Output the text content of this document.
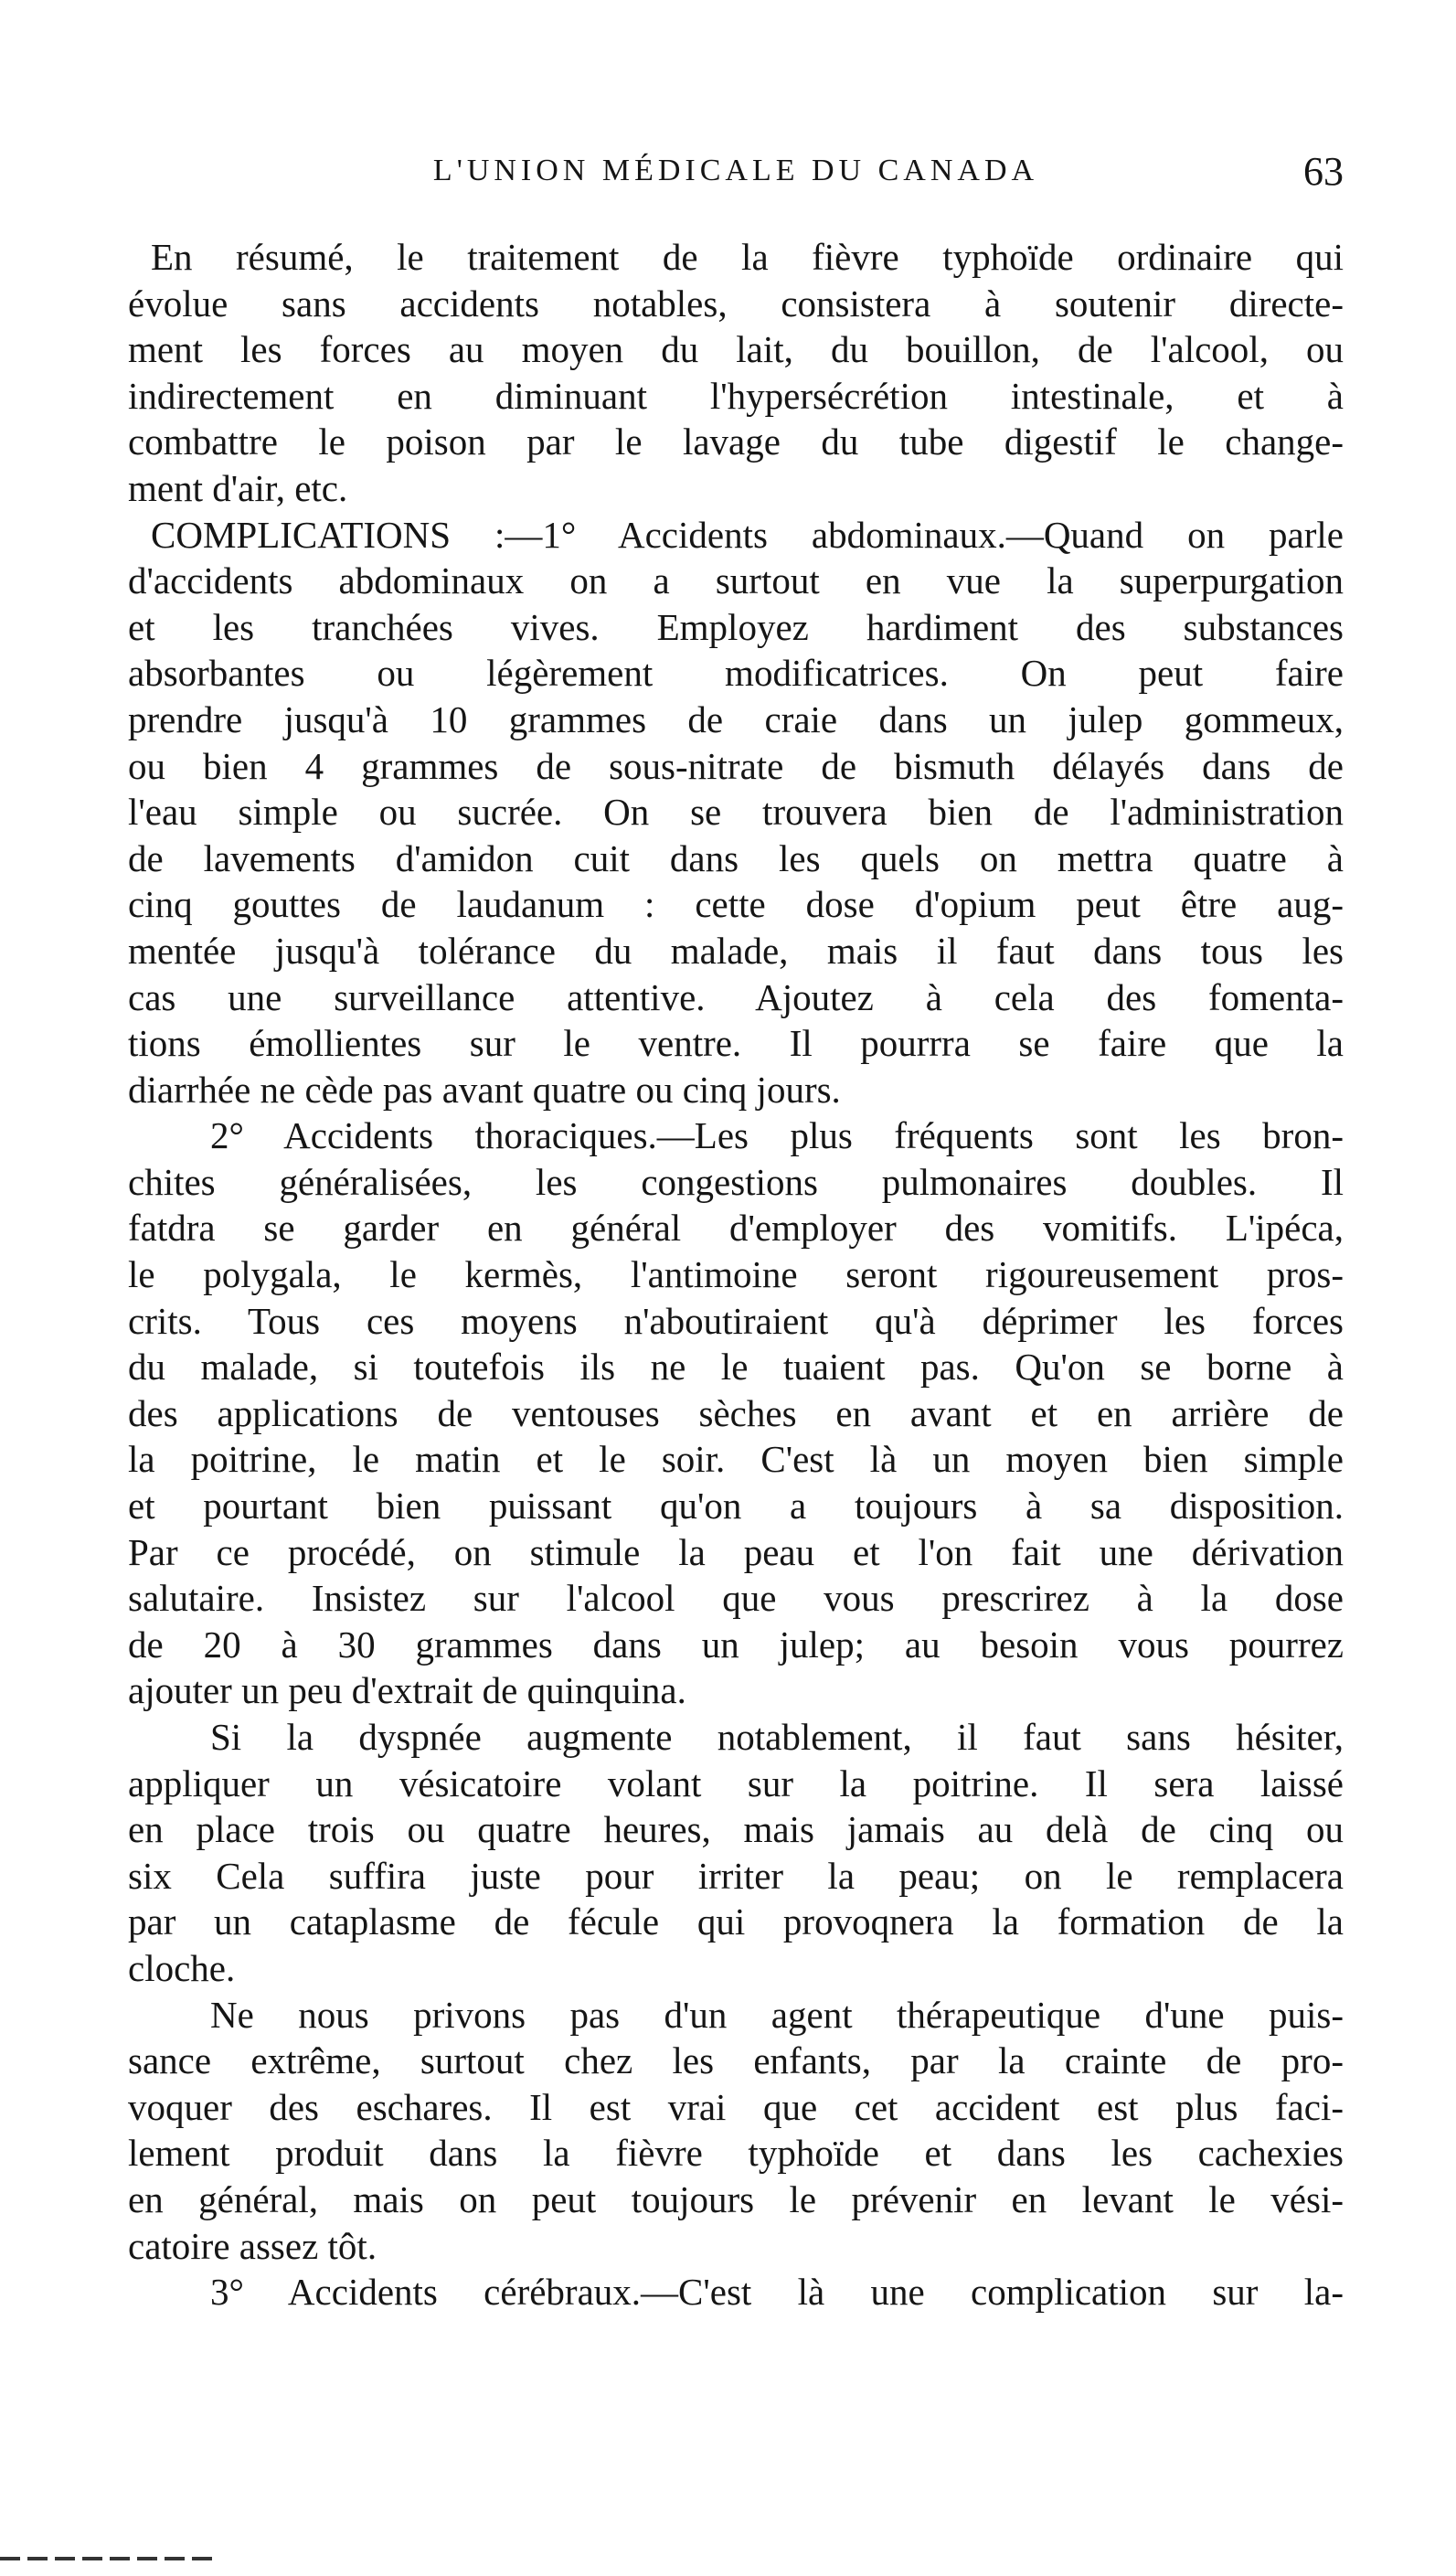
L'UNION MÉDICALE DU CANADA	63
En résumé, le traitement de la fièvre typhoïde ordinaire qui
évolue sans accidents notables, consistera à soutenir directe-
ment les forces au moyen du lait, du bouillon, de l'alcool, ou
indirectement en diminuant l'hypersécrétion intestinale, et à
combattre le poison par le lavage du tube digestif le change-
ment d'air, etc.
COMPLICATIONS :—1° Accidents abdominaux.—Quand on parle
d'accidents abdominaux on a surtout en vue la superpurgation
et les tranchées vives. Employez hardiment des substances
absorbantes ou légèrement modificatrices. On peut faire
prendre jusqu'à 10 grammes de craie dans un julep gommeux,
ou bien 4 grammes de sous-nitrate de bismuth délayés dans de
l'eau simple ou sucrée. On se trouvera bien de l'administration
de lavements d'amidon cuit dans les quels on mettra quatre à
cinq gouttes de laudanum : cette dose d'opium peut être aug-
mentée jusqu'à tolérance du malade, mais il faut dans tous les
cas une surveillance attentive. Ajoutez à cela des fomenta-
tions émollientes sur le ventre. Il pourrra se faire que la
diarrhée ne cède pas avant quatre ou cinq jours.
2° Accidents thoraciques.—Les plus fréquents sont les bron-
chites généralisées, les congestions pulmonaires doubles. Il
fatdra se garder en général d'employer des vomitifs. L'ipéca,
le polygala, le kermès, l'antimoine seront rigoureusement pros-
crits. Tous ces moyens n'aboutiraient qu'à déprimer les forces
du malade, si toutefois ils ne le tuaient pas. Qu'on se borne à
des applications de ventouses sèches en avant et en arrière de
la poitrine, le matin et le soir. C'est là un moyen bien simple
et pourtant bien puissant qu'on a toujours à sa disposition.
Par ce procédé, on stimule la peau et l'on fait une dérivation
salutaire. Insistez sur l'alcool que vous prescrirez à la dose
de 20 à 30 grammes dans un julep; au besoin vous pourrez
ajouter un peu d'extrait de quinquina.
Si la dyspnée augmente notablement, il faut sans hésiter,
appliquer un vésicatoire volant sur la poitrine. Il sera laissé
en place trois ou quatre heures, mais jamais au delà de cinq ou
six Cela suffira juste pour irriter la peau; on le remplacera
par un cataplasme de fécule qui provoqnera la formation de la
cloche.
Ne nous privons pas d'un agent thérapeutique d'une puis-
sance extrême, surtout chez les enfants, par la crainte de pro-
voquer des eschares. Il est vrai que cet accident est plus faci-
lement produit dans la fièvre typhoïde et dans les cachexies
en général, mais on peut toujours le prévenir en levant le vési-
catoire assez tôt.
3° Accidents cérébraux.—C'est là une complication sur la-
